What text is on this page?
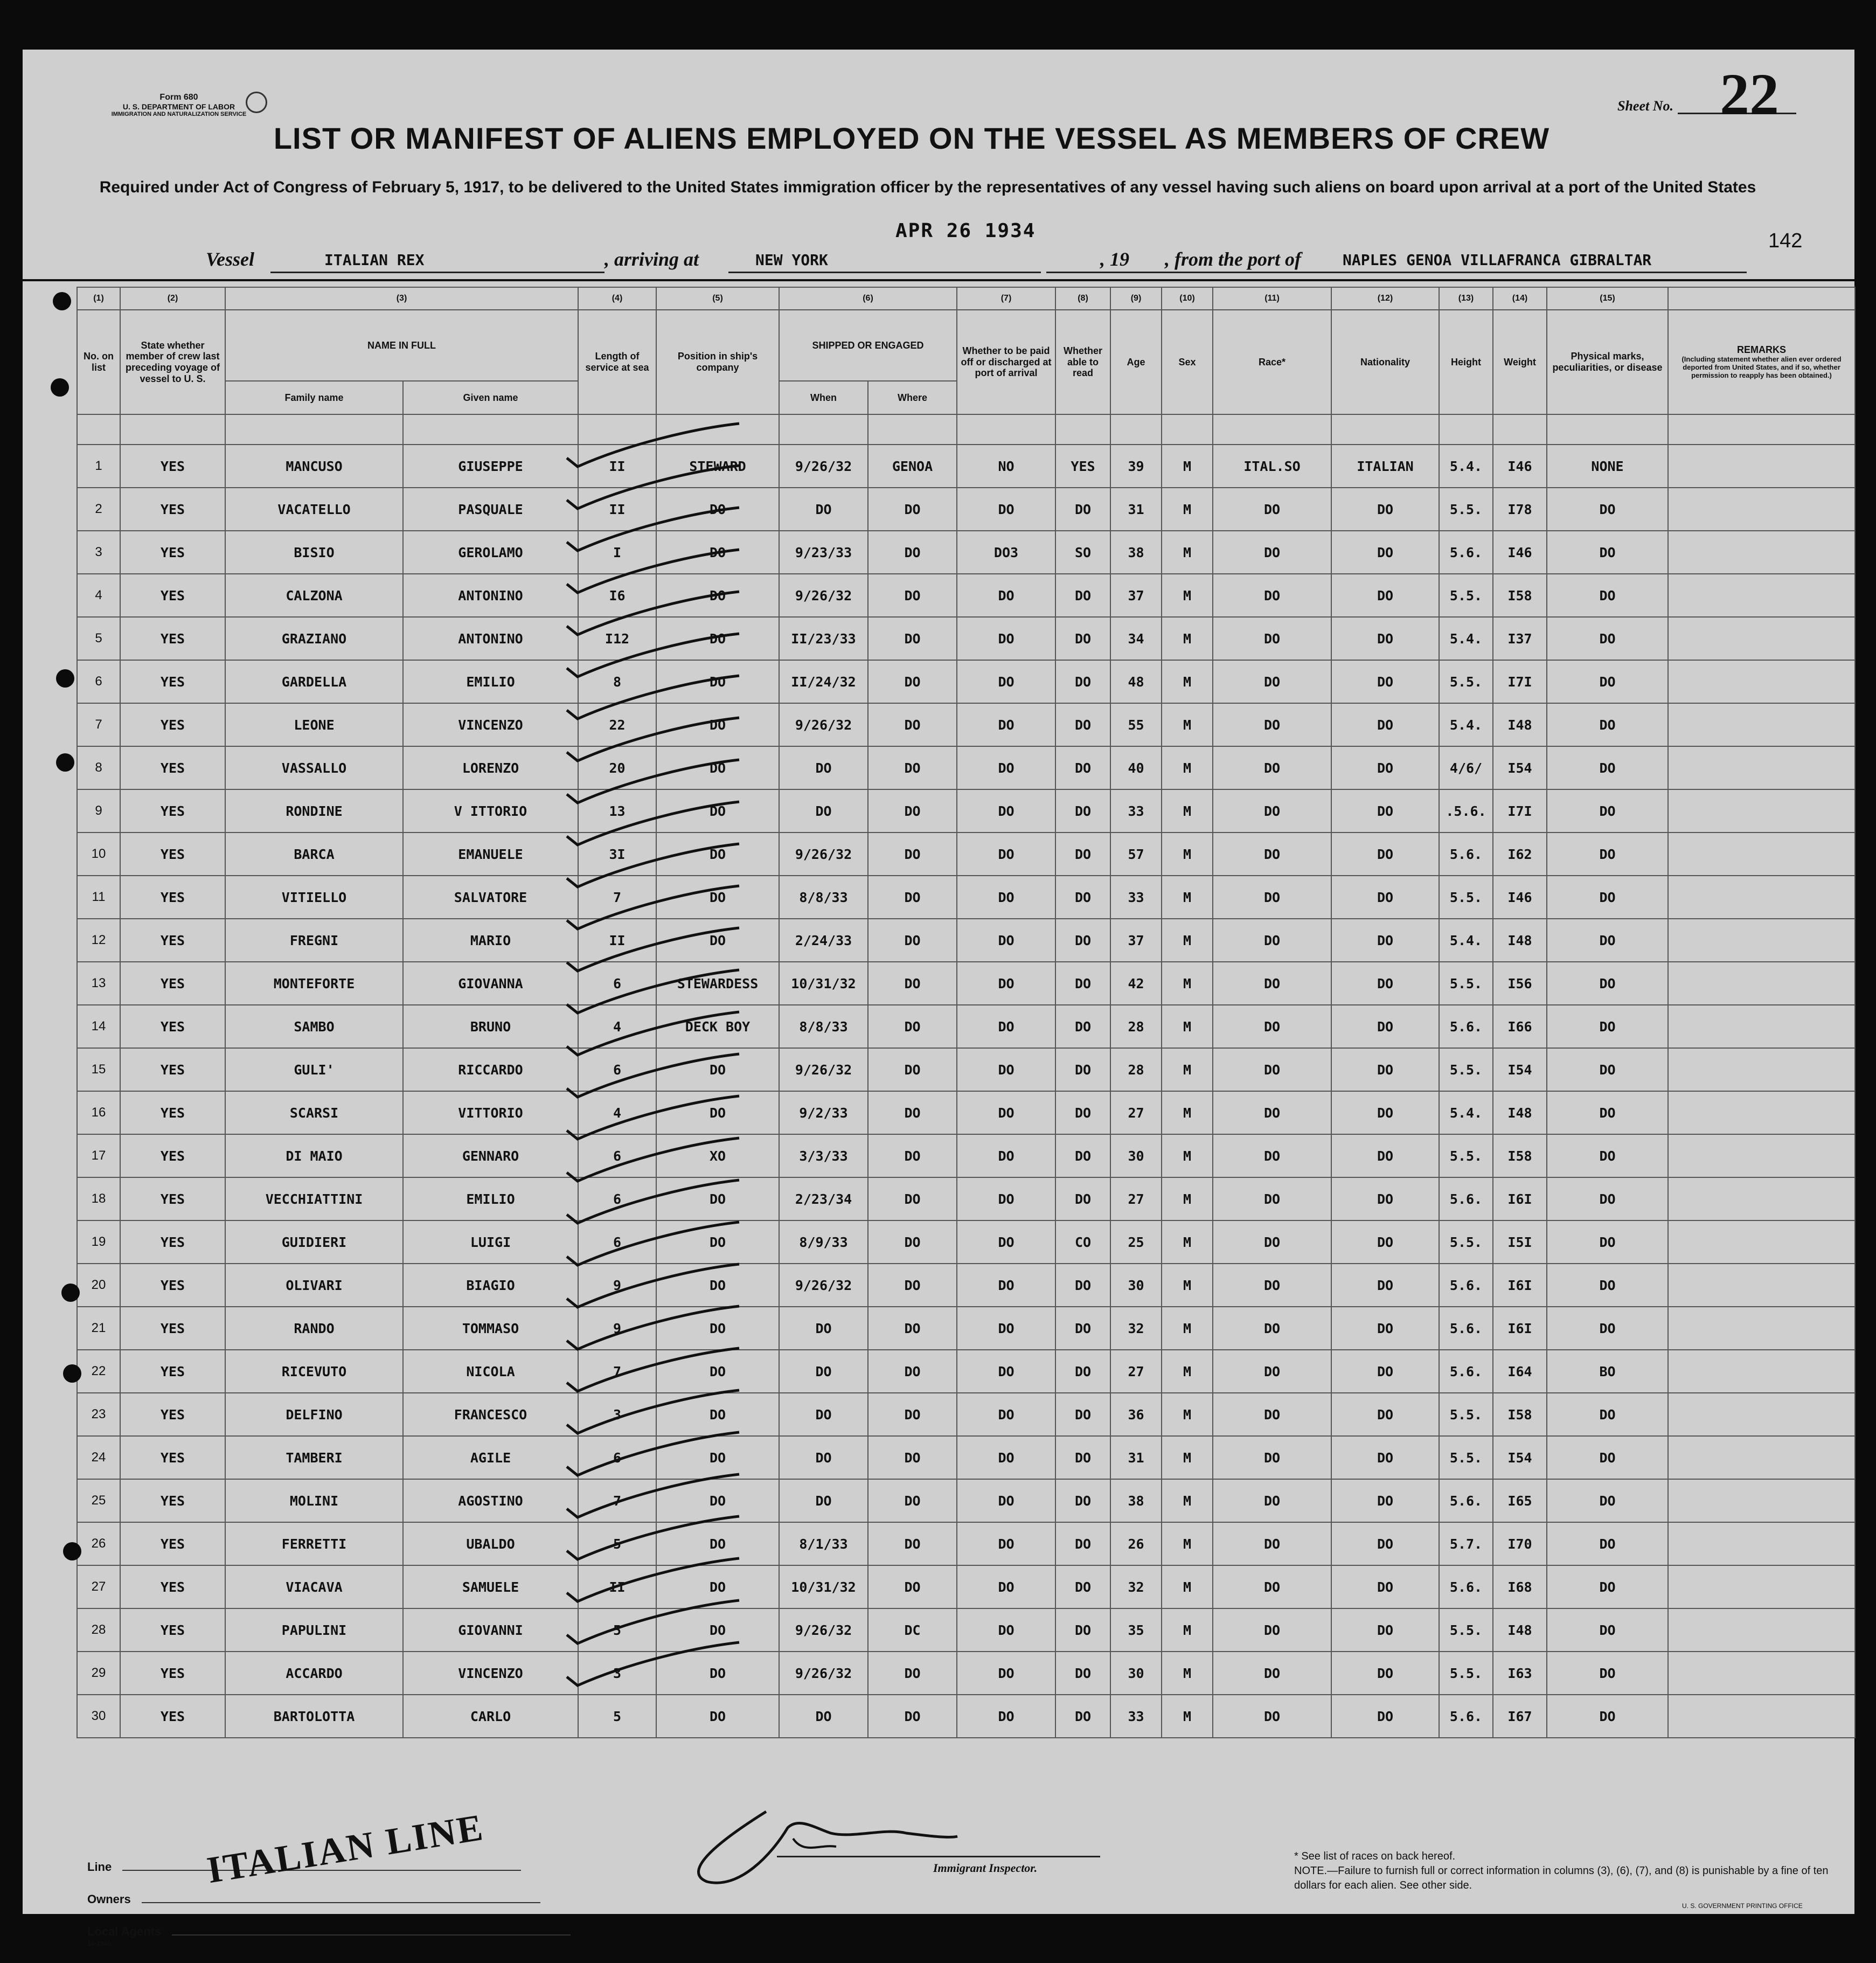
Form 680
U. S. DEPARTMENT OF LABOR
IMMIGRATION AND NATURALIZATION SERVICE
Sheet No. 22
LIST OR MANIFEST OF ALIENS EMPLOYED ON THE VESSEL AS MEMBERS OF CREW
Required under Act of Congress of February 5, 1917, to be delivered to the United States immigration officer by the representatives of any vessel having such aliens on board upon arrival at a port of the United States
142
APR 26 1934
Vessel	ITALIAN REX	, arriving at	NEW YORK	, 19 , from the port of	NAPLES GENOA VILLAFRANCA GIBRALTAR
(1)	(2)	(3)		(4)	(5)	(6)		(7)	(8)	(9)	(10)	(11)	(12)	(13)	(14)	(15)	
No. on list	State whether member of crew last preceding voyage of vessel to U. S.	NAME IN FULL		Length of service at sea	Position in ship's company	SHIPPED OR ENGAGED		Whether to be paid off or discharged at port of arrival	Whether able to read	Age	Sex	Race*	Nationality	Height	Weight	Physical marks, peculiarities, or disease	REMARKS
(Including statement whether alien ever ordered deported from United States, and if so, whether permission to reapply has been obtained.)

		Family name	Given name			When	Where										

1	YES	MANCUSO	GIUSEPPE	II	STEWARD	9/26/32	GENOA	NO	YES	39	M	ITAL.SO	ITALIAN	5.4.	I46	NONE	
2	YES	VACATELLO	PASQUALE	II	DO	DO	DO	DO	DO	31	M	DO	DO	5.5.	I78	DO	
3	YES	BISIO	GEROLAMO	I	DO	9/23/33	DO	DO3	SO	38	M	DO	DO	5.6.	I46	DO	
4	YES	CALZONA	ANTONINO	I6	DO	9/26/32	DO	DO	DO	37	M	DO	DO	5.5.	I58	DO	
5	YES	GRAZIANO	ANTONINO	I12	DO	II/23/33	DO	DO	DO	34	M	DO	DO	5.4.	I37	DO	
6	YES	GARDELLA	EMILIO	8	DO	II/24/32	DO	DO	DO	48	M	DO	DO	5.5.	I7I	DO	
7	YES	LEONE	VINCENZO	22	DO	9/26/32	DO	DO	DO	55	M	DO	DO	5.4.	I48	DO	
8	YES	VASSALLO	LORENZO	20	DO	DO	DO	DO	DO	40	M	DO	DO	4/6/	I54	DO	
9	YES	RONDINE	V ITTORIO	13	DO	DO	DO	DO	DO	33	M	DO	DO	.5.6.	I7I	DO	
10	YES	BARCA	EMANUELE	3I	DO	9/26/32	DO	DO	DO	57	M	DO	DO	5.6.	I62	DO	
11	YES	VITIELLO	SALVATORE	7	DO	8/8/33	DO	DO	DO	33	M	DO	DO	5.5.	I46	DO	
12	YES	FREGNI	MARIO	II	DO	2/24/33	DO	DO	DO	37	M	DO	DO	5.4.	I48	DO	
13	YES	MONTEFORTE	GIOVANNA	6	STEWARDESS	10/31/32	DO	DO	DO	42	M	DO	DO	5.5.	I56	DO	
14	YES	SAMBO	BRUNO	4	DECK BOY	8/8/33	DO	DO	DO	28	M	DO	DO	5.6.	I66	DO	
15	YES	GULI'	RICCARDO	6	DO	9/26/32	DO	DO	DO	28	M	DO	DO	5.5.	I54	DO	
16	YES	SCARSI	VITTORIO	4	DO	9/2/33	DO	DO	DO	27	M	DO	DO	5.4.	I48	DO	
17	YES	DI MAIO	GENNARO	6	XO	3/3/33	DO	DO	DO	30	M	DO	DO	5.5.	I58	DO	
18	YES	VECCHIATTINI	EMILIO	6	DO	2/23/34	DO	DO	DO	27	M	DO	DO	5.6.	I6I	DO	
19	YES	GUIDIERI	LUIGI	6	DO	8/9/33	DO	DO	CO	25	M	DO	DO	5.5.	I5I	DO	
20	YES	OLIVARI	BIAGIO	9	DO	9/26/32	DO	DO	DO	30	M	DO	DO	5.6.	I6I	DO	
21	YES	RANDO	TOMMASO	9	DO	DO	DO	DO	DO	32	M	DO	DO	5.6.	I6I	DO	
22	YES	RICEVUTO	NICOLA	7	DO	DO	DO	DO	DO	27	M	DO	DO	5.6.	I64	BO	
23	YES	DELFINO	FRANCESCO	3	DO	DO	DO	DO	DO	36	M	DO	DO	5.5.	I58	DO	
24	YES	TAMBERI	AGILE	6	DO	DO	DO	DO	DO	31	M	DO	DO	5.5.	I54	DO	
25	YES	MOLINI	AGOSTINO	7	DO	DO	DO	DO	DO	38	M	DO	DO	5.6.	I65	DO	
26	YES	FERRETTI	UBALDO	5	DO	8/1/33	DO	DO	DO	26	M	DO	DO	5.7.	I70	DO	
27	YES	VIACAVA	SAMUELE	II	DO	10/31/32	DO	DO	DO	32	M	DO	DO	5.6.	I68	DO	
28	YES	PAPULINI	GIOVANNI	5	DO	9/26/32	DC	DO	DO	35	M	DO	DO	5.5.	I48	DO	
29	YES	ACCARDO	VINCENZO	3	DO	9/26/32	DO	DO	DO	30	M	DO	DO	5.5.	I63	DO	
30	YES	BARTOLOTTA	CARLO	5	DO	DO	DO	DO	DO	33	M	DO	DO	5.6.	I67	DO	
Line
Owners
Local Agents
14-1340
ITALIAN LINE	Immigrant Inspector.
* See list of races on back hereof.
NOTE.—Failure to furnish full or correct information in columns (3), (6), (7), and (8) is punishable by a fine of ten dollars for each alien. See other side.
U. S. GOVERNMENT PRINTING OFFICE
